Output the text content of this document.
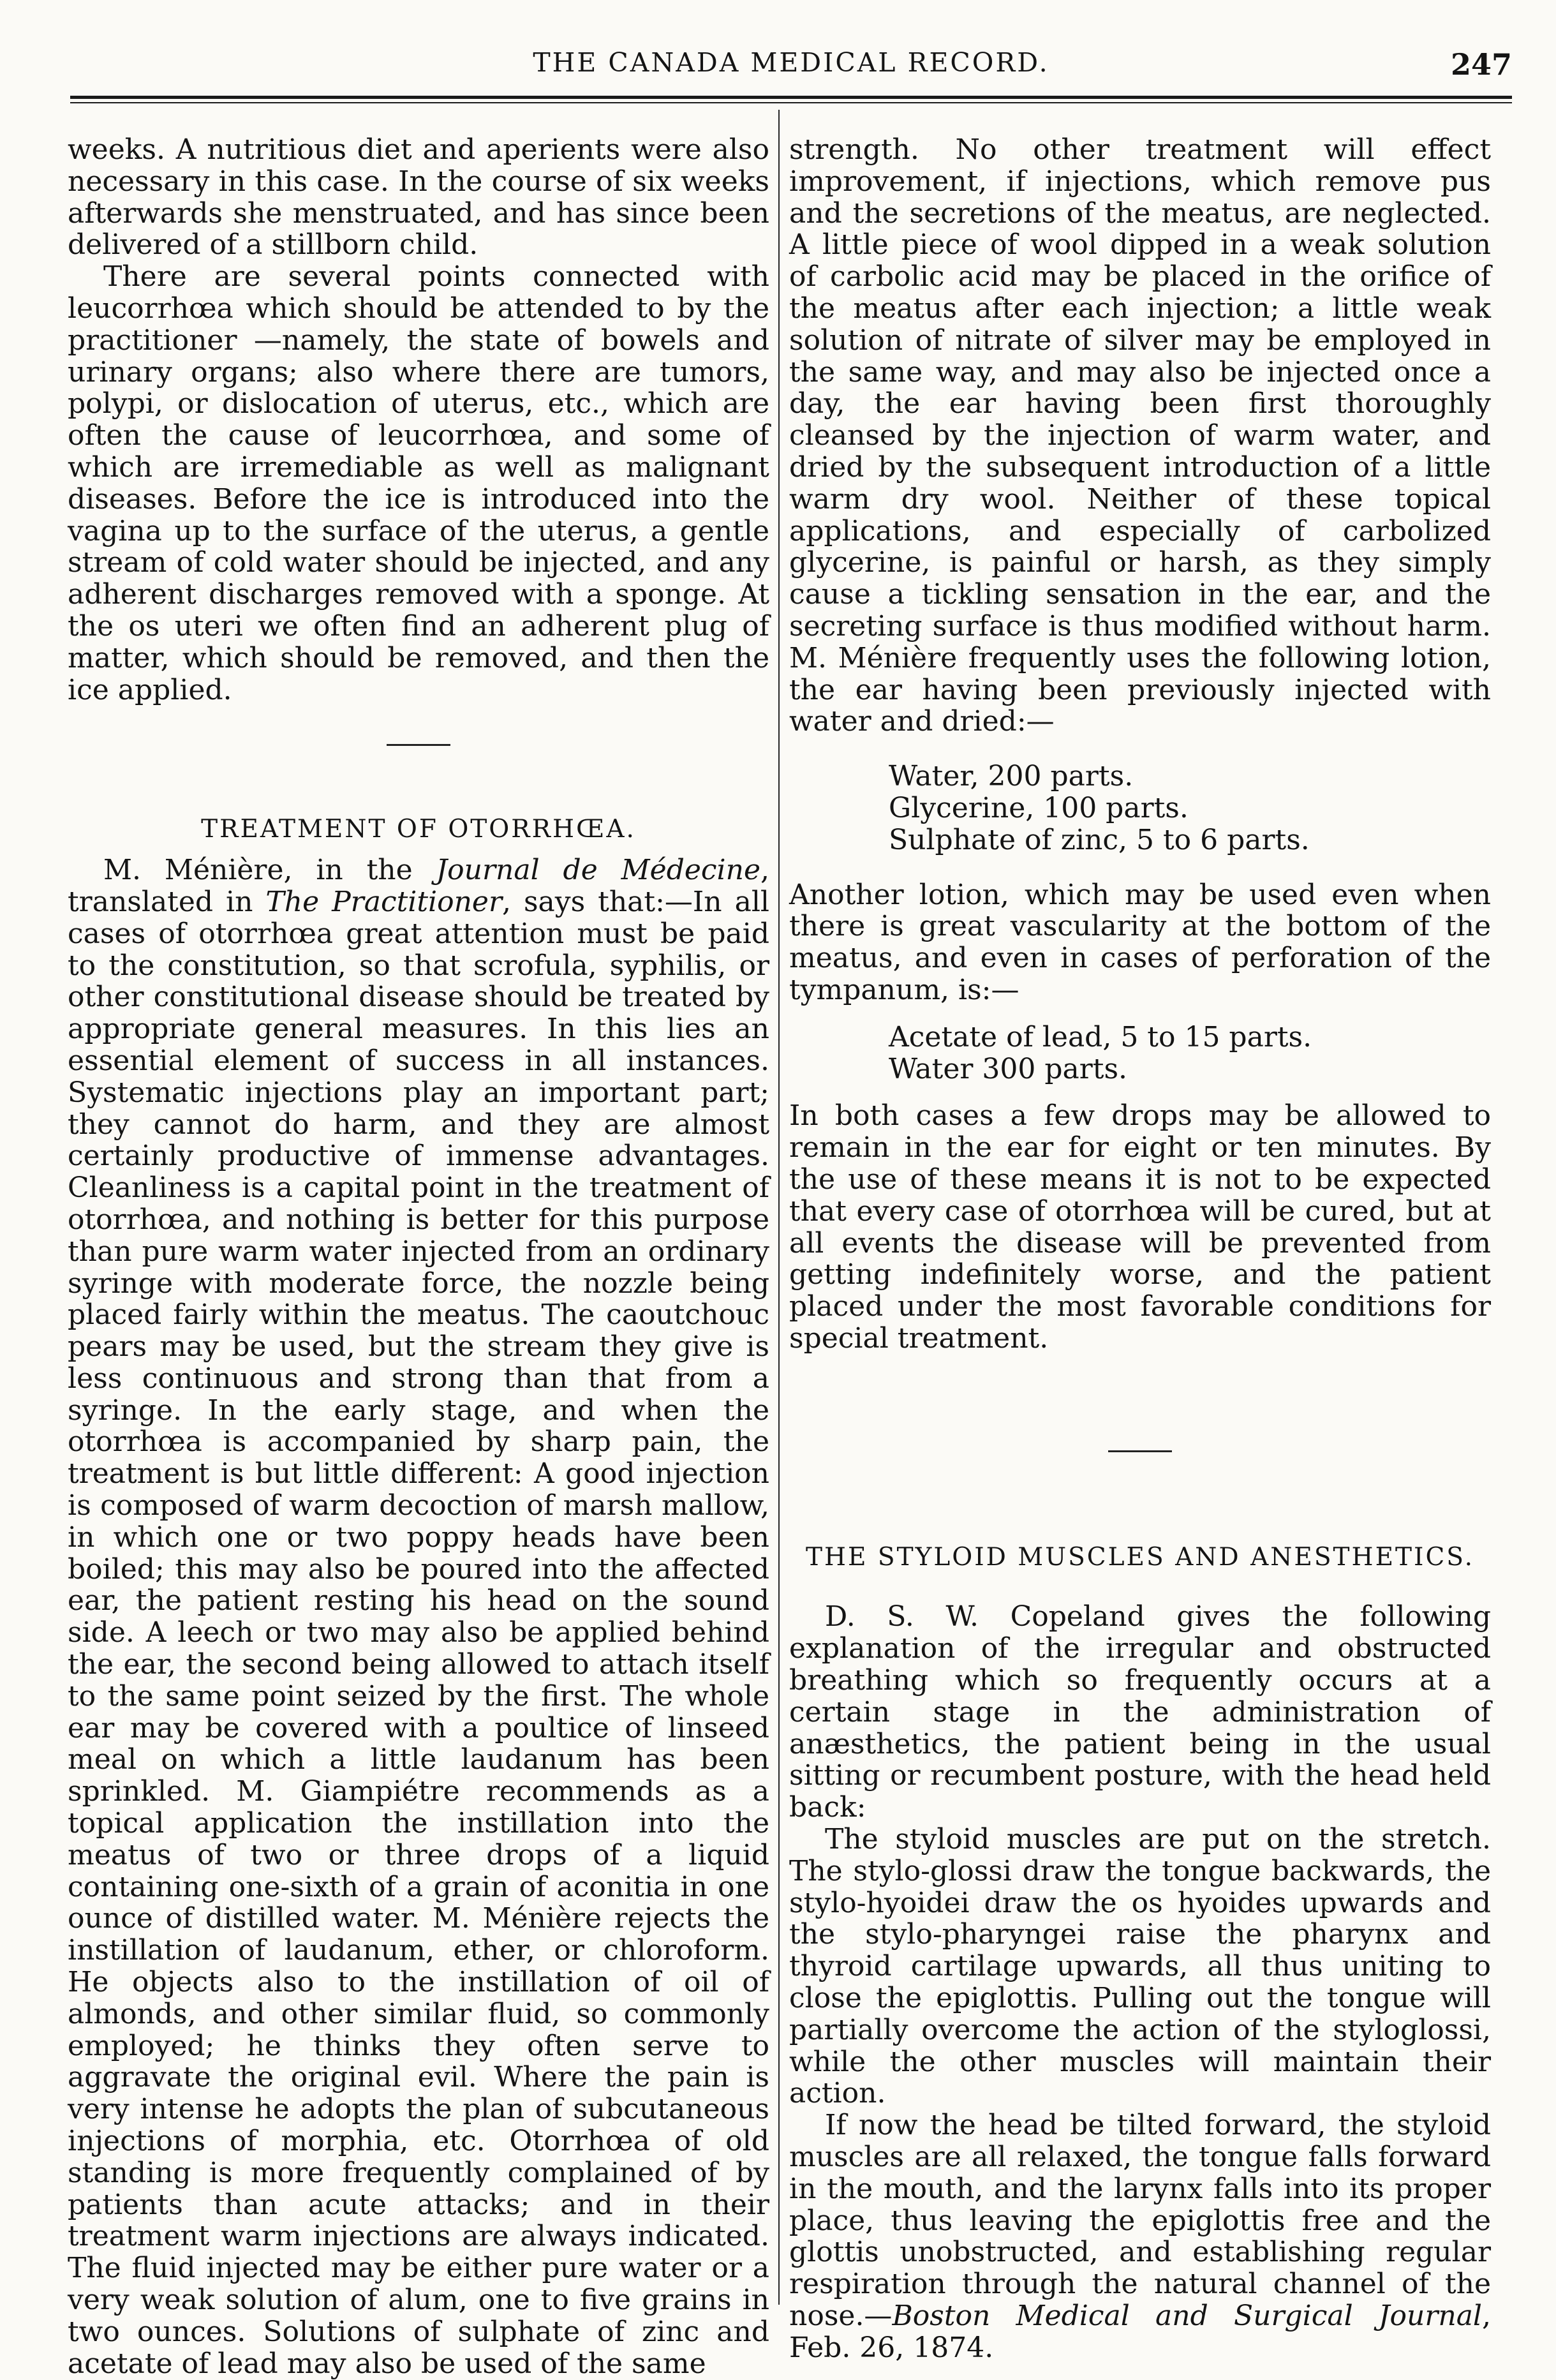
THE CANADA MEDICAL RECORD.	247

weeks. A nutritious diet and aperients were also necessary in this case. In the course of six weeks afterwards she menstruated, and has since been delivered of a stillborn child.

There are several points connected with leucorrhœa which should be attended to by the practitioner —namely, the state of bowels and urinary organs; also where there are tumors, polypi, or dislocation of uterus, etc., which are often the cause of leucorrhœa, and some of which are irremediable as well as malignant diseases. Before the ice is introduced into the vagina up to the surface of the uterus, a gentle stream of cold water should be injected, and any adherent discharges removed with a sponge. At the os uteri we often find an adherent plug of matter, which should be removed, and then the ice applied.

TREATMENT OF OTORRHŒA.

M. Ménière, in the Journal de Médecine, translated in The Practitioner, says that:—In all cases of otorrhœa great attention must be paid to the constitution, so that scrofula, syphilis, or other constitutional disease should be treated by appropriate general measures. In this lies an essential element of success in all instances. Systematic injections play an important part; they cannot do harm, and they are almost certainly productive of immense advantages. Cleanliness is a capital point in the treatment of otorrhœa, and nothing is better for this purpose than pure warm water injected from an ordinary syringe with moderate force, the nozzle being placed fairly within the meatus. The caoutchouc pears may be used, but the stream they give is less continuous and strong than that from a syringe. In the early stage, and when the otorrhœa is accompanied by sharp pain, the treatment is but little different: A good injection is composed of warm decoction of marsh mallow, in which one or two poppy heads have been boiled; this may also be poured into the affected ear, the patient resting his head on the sound side. A leech or two may also be applied behind the ear, the second being allowed to attach itself to the same point seized by the first. The whole ear may be covered with a poultice of linseed meal on which a little laudanum has been sprinkled. M. Giampiétre recommends as a topical application the instillation into the meatus of two or three drops of a liquid containing one-sixth of a grain of aconitia in one ounce of distilled water. M. Ménière rejects the instillation of laudanum, ether, or chloroform. He objects also to the instillation of oil of almonds, and other similar fluid, so commonly employed; he thinks they often serve to aggravate the original evil. Where the pain is very intense he adopts the plan of subcutaneous injections of morphia, etc. Otorrhœa of old standing is more frequently complained of by patients than acute attacks; and in their treatment warm injections are always indicated. The fluid injected may be either pure water or a very weak solution of alum, one to five grains in two ounces. Solutions of sulphate of zinc and acetate of lead may also be used of the same

strength. No other treatment will effect improvement, if injections, which remove pus and the secretions of the meatus, are neglected. A little piece of wool dipped in a weak solution of carbolic acid may be placed in the orifice of the meatus after each injection; a little weak solution of nitrate of silver may be employed in the same way, and may also be injected once a day, the ear having been first thoroughly cleansed by the injection of warm water, and dried by the subsequent introduction of a little warm dry wool. Neither of these topical applications, and especially of carbolized glycerine, is painful or harsh, as they simply cause a tickling sensation in the ear, and the secreting surface is thus modified without harm. M. Ménière frequently uses the following lotion, the ear having been previously injected with water and dried:—

Water, 200 parts.
Glycerine, 100 parts.
Sulphate of zinc, 5 to 6 parts.

Another lotion, which may be used even when there is great vascularity at the bottom of the meatus, and even in cases of perforation of the tympanum, is:—

Acetate of lead, 5 to 15 parts.
Water 300 parts.

In both cases a few drops may be allowed to remain in the ear for eight or ten minutes. By the use of these means it is not to be expected that every case of otorrhœa will be cured, but at all events the disease will be prevented from getting indefinitely worse, and the patient placed under the most favorable conditions for special treatment.

THE STYLOID MUSCLES AND ANESTHETICS.

D. S. W. Copeland gives the following explanation of the irregular and obstructed breathing which so frequently occurs at a certain stage in the administration of anæsthetics, the patient being in the usual sitting or recumbent posture, with the head held back:

The styloid muscles are put on the stretch. The stylo-glossi draw the tongue backwards, the stylo-hyoidei draw the os hyoides upwards and the stylo-pharyngei raise the pharynx and thyroid cartilage upwards, all thus uniting to close the epiglottis. Pulling out the tongue will partially overcome the action of the styloglossi, while the other muscles will maintain their action.

If now the head be tilted forward, the styloid muscles are all relaxed, the tongue falls forward in the mouth, and the larynx falls into its proper place, thus leaving the epiglottis free and the glottis unobstructed, and establishing regular respiration through the natural channel of the nose.—Boston Medical and Surgical Journal, Feb. 26, 1874.
